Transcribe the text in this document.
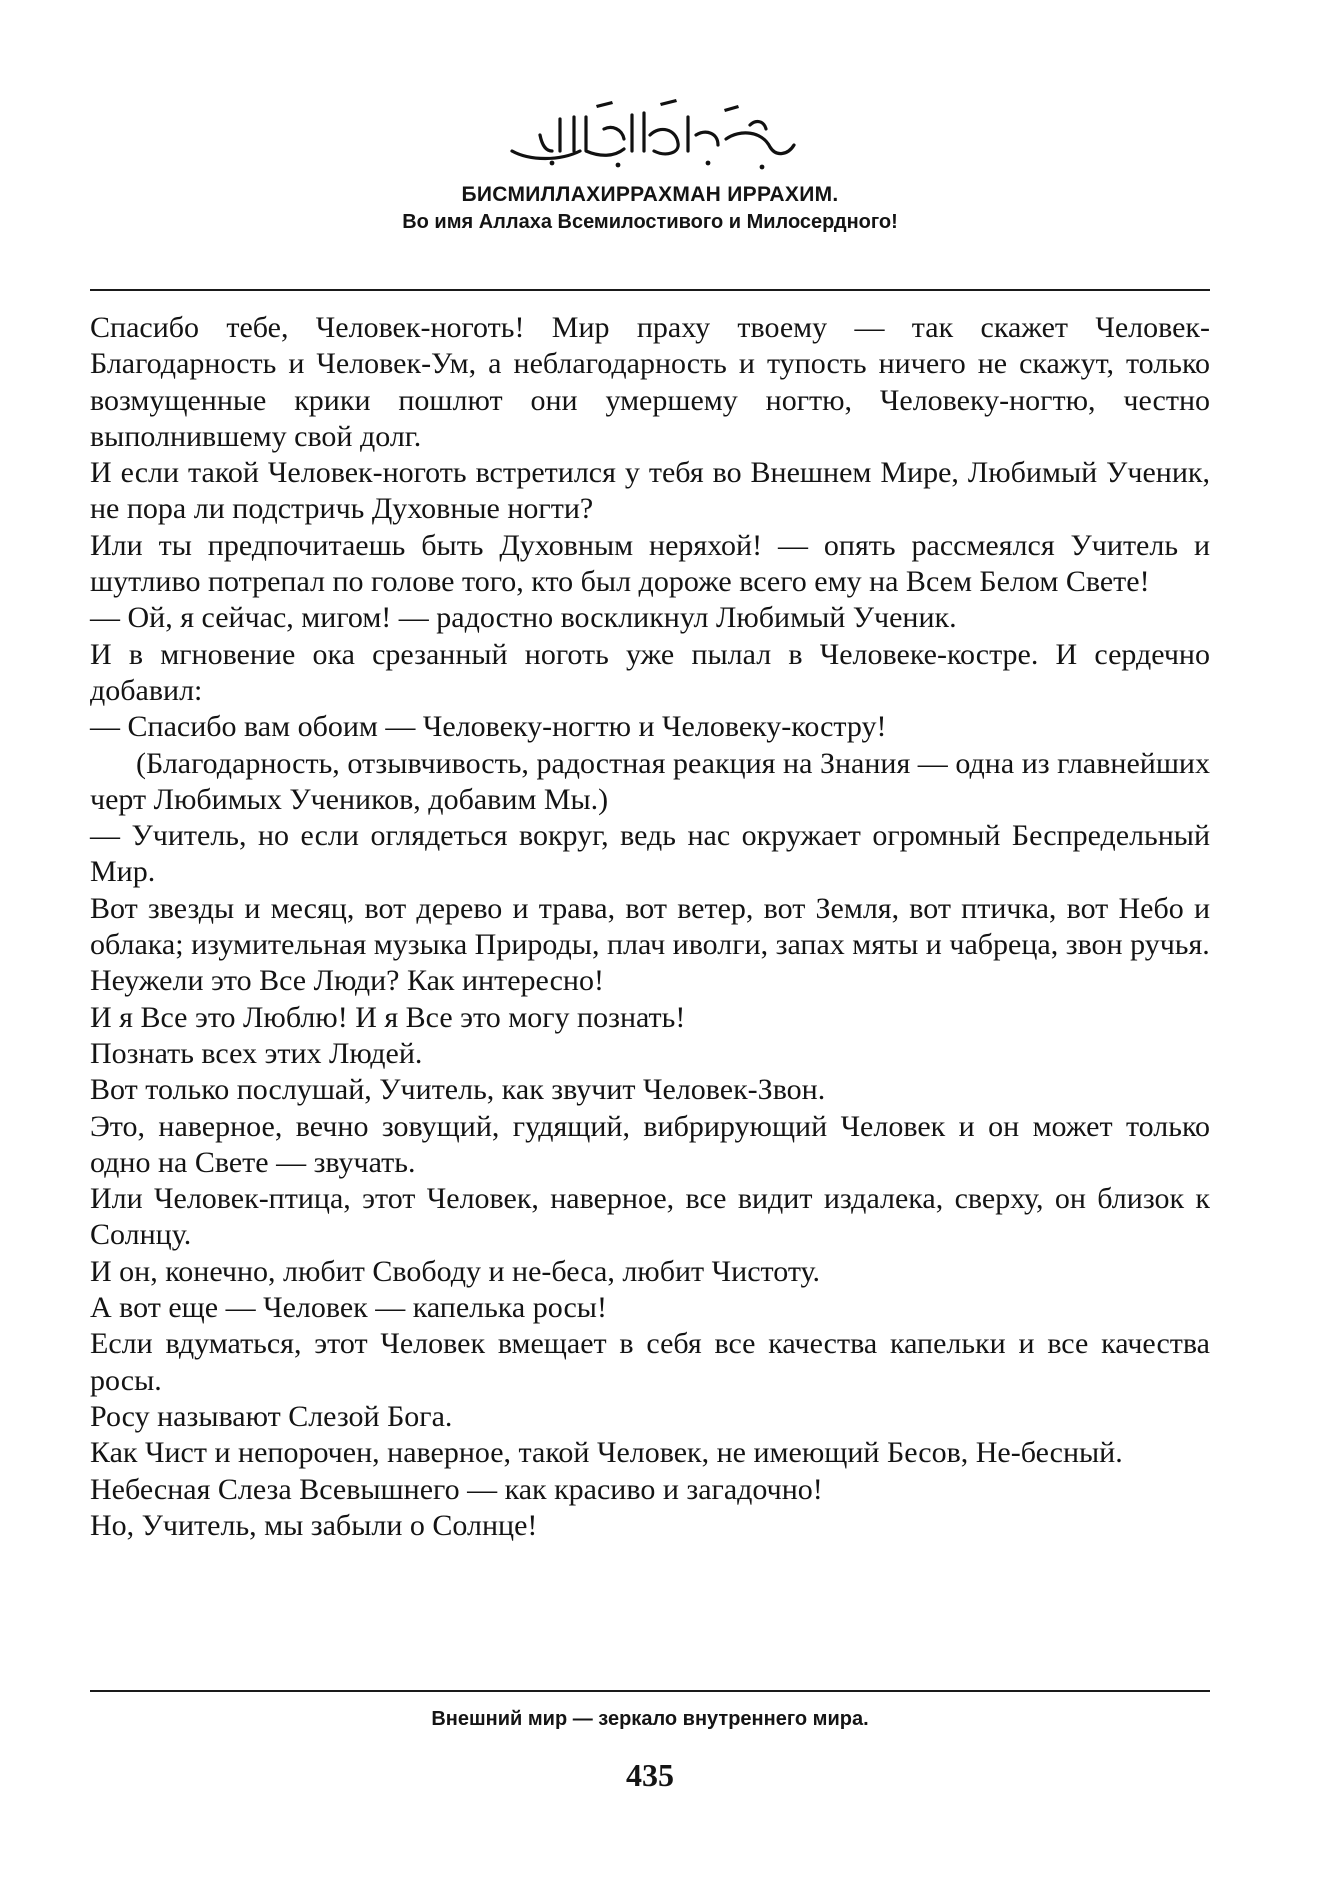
БИСМИЛЛАХИРРАХМАН ИРРАХИМ.
Во имя Аллаха Всемилостивого и Милосердного!

Спасибо тебе, Человек-ноготь! Мир праху твоему — так скажет Человек-Благодарность и Человек-Ум, а неблагодарность и тупость ничего не скажут, только возмущенные крики пошлют они умершему ногтю, Человеку-ногтю, честно выполнившему свой долг.

И если такой Человек-ноготь встретился у тебя во Внешнем Мире, Любимый Ученик, не пора ли подстричь Духовные ногти?

Или ты предпочитаешь быть Духовным неряхой! — опять рассмеялся Учитель и шутливо потрепал по голове того, кто был дороже всего ему на Всем Белом Свете!

— Ой, я сейчас, мигом! — радостно воскликнул Любимый Ученик.

И в мгновение ока срезанный ноготь уже пылал в Человеке-костре. И сердечно добавил:

— Спасибо вам обоим — Человеку-ногтю и Человеку-костру!

(Благодарность, отзывчивость, радостная реакция на Знания — одна из главнейших черт Любимых Учеников, добавим Мы.)

— Учитель, но если оглядеться вокруг, ведь нас окружает огромный Беспредельный Мир.

Вот звезды и месяц, вот дерево и трава, вот ветер, вот Земля, вот птичка, вот Небо и облака; изумительная музыка Природы, плач иволги, запах мяты и чабреца, звон ручья.

Неужели это Все Люди? Как интересно!

И я Все это Люблю! И я Все это могу познать!

Познать всех этих Людей.

Вот только послушай, Учитель, как звучит Человек-Звон.

Это, наверное, вечно зовущий, гудящий, вибрирующий Человек и он может только одно на Свете — звучать.

Или Человек-птица, этот Человек, наверное, все видит издалека, сверху, он близок к Солнцу.

И он, конечно, любит Свободу и не-беса, любит Чистоту.

А вот еще — Человек — капелька росы!

Если вдуматься, этот Человек вмещает в себя все качества капельки и все качества росы.

Росу называют Слезой Бога.

Как Чист и непорочен, наверное, такой Человек, не имеющий Бесов, Не-бесный.

Небесная Слеза Всевышнего — как красиво и загадочно!

Но, Учитель, мы забыли о Солнце!

Внешний мир — зеркало внутреннего мира.
435
